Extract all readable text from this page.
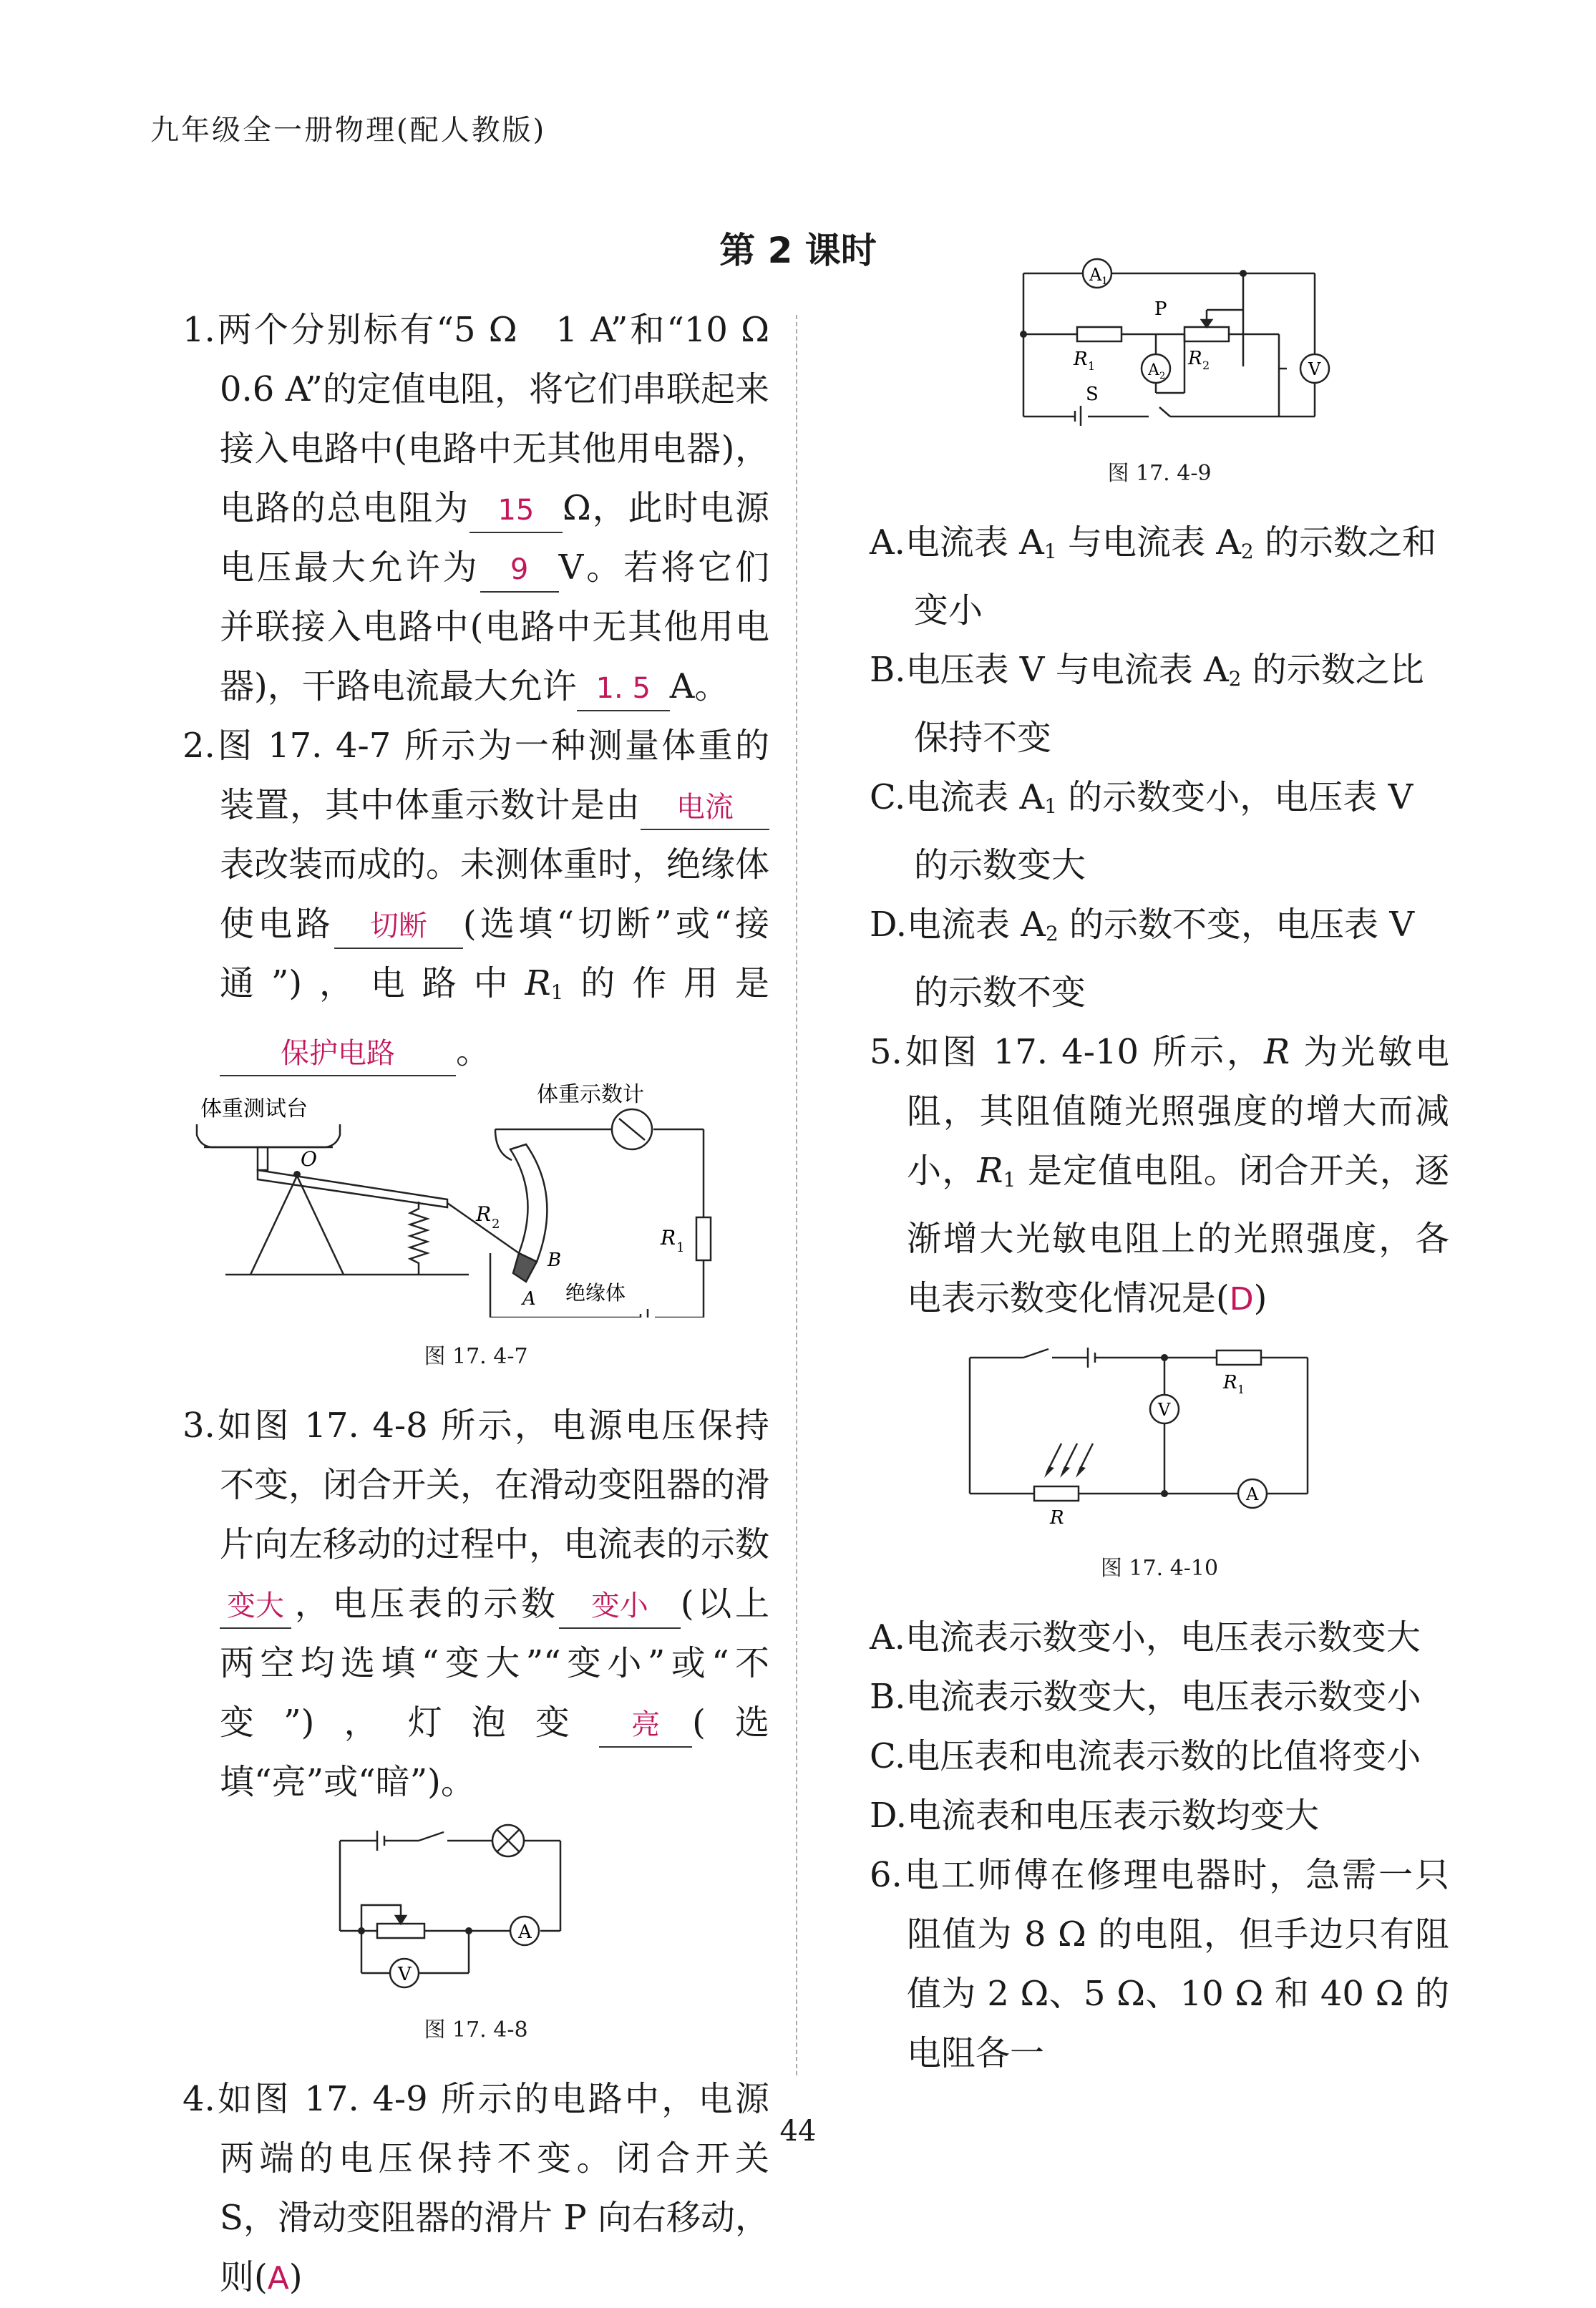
九年级全一册物理(配人教版)
第 2 课时

1.两个分别标有“5 Ω　1 A”和“10 Ω　0.6 A”的定值电阻，将它们串联起来接入电路中(电路中无其他用电器)，电路的总电阻为 15 Ω，此时电源电压最大允许为 9 V。若将它们并联接入电路中(电路中无其他用电器)，干路电流最大允许 1. 5 A。

2.图 17. 4-7 所示为一种测量体重的装置，其中体重示数计是由 电流表改装而成的。未测体重时，绝缘体使电路 切断 (选填“切断”或“接通”)，电路中$R_1$的作用是保护电路 。

体重测试台
体重示数计
O
R 2
R 1
B
A 绝缘体

图 17. 4-7

3.如图 17. 4-8 所示，电源电压保持不变，闭合开关，在滑动变阻器的滑片向左移动的过程中，电流表的示数变大 ，电压表的示数 变小 (以上两空均选填“变大”“变小”或“不变”)，灯泡变 亮 (选填“亮”或“暗”)。

A
V

图 17. 4-8

4.如图 17. 4-9 所示的电路中，电源两端的电压保持不变。闭合开关 S，滑动变阻器的滑片 P 向右移动，则(A)

A 1
P
R 1	R 2
A 2	V
S

图 17. 4-9

A.电流表 $A_1$ 与电流表 $A_2$ 的示数之和变小

B.电压表 V 与电流表 $A_2$ 的示数之比保持不变

C.电流表 $A_1$ 的示数变小，电压表 V 的示数变大

D.电流表 $A_2$ 的示数不变，电压表 V 的示数不变

5.如图 17. 4-10 所示，R 为光敏电阻，其阻值随光照强度的增大而减小，$R_1$ 是定值电阻。闭合开关，逐渐增大光敏电阻上的光照强度，各电表示数变化情况是(D)

R 1
V
R
A

图 17. 4-10

A.电流表示数变小，电压表示数变大

B.电流表示数变大，电压表示数变小

C.电压表和电流表示数的比值将变小

D.电流表和电压表示数均变大

6.电工师傅在修理电器时，急需一只阻值为 8 Ω 的电阻，但手边只有阻值为 2 Ω、5 Ω、10 Ω 和 40 Ω 的电阻各一

44
